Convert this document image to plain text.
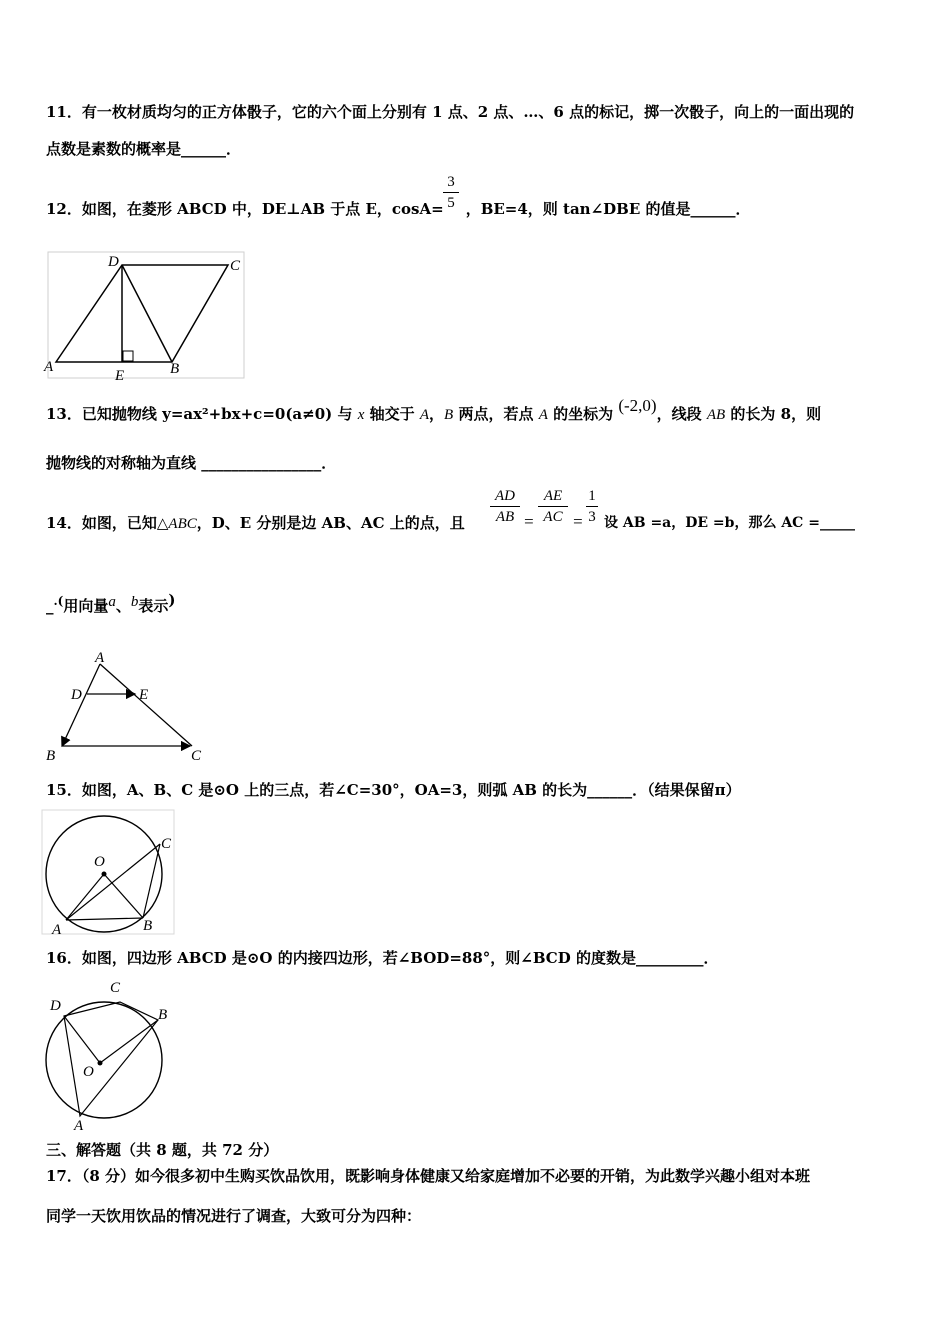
11．有一枚材质均匀的正方体骰子，它的六个面上分别有 1 点、2 点、…、6 点的标记，掷一次骰子，向上的一面出现的
点数是素数的概率是______．
12．如图，在菱形 ABCD 中，DE⊥AB 于点 E，cosA= ，BE=4，则 tan∠DBE 的值是______．
3
5
D	C
A
E	B
13．已知抛物线 y=ax²+bx+c=0(a≠0) 与 x 轴交于 A，B 两点，若点 A 的坐标为 (-2,0)，线段 AB 的长为 8，则
抛物线的对称轴为直线 ________________．
14．如图，已知△ABC，D、E 分别是边 AB、AC 上的点，且
AD
AB =
AE
AC =
1
3 设 AB =a，DE =b，那么 AC =_____
_.(用向量a、b表示)
A
D	E
B	C
15．如图，A、B、C 是⊙O 上的三点，若∠C=30°，OA=3，则弧 AB 的长为______．（结果保留π）
O
C
A	B
16．如图，四边形 ABCD 是⊙O 的内接四边形，若∠BOD=88°，则∠BCD 的度数是_________．
D
C
B
O
A
三、解答题（共 8 题，共 72 分）
17．（8 分）如今很多初中生购买饮品饮用，既影响身体健康又给家庭增加不必要的开销，为此数学兴趣小组对本班
同学一天饮用饮品的情况进行了调查，大致可分为四种：
